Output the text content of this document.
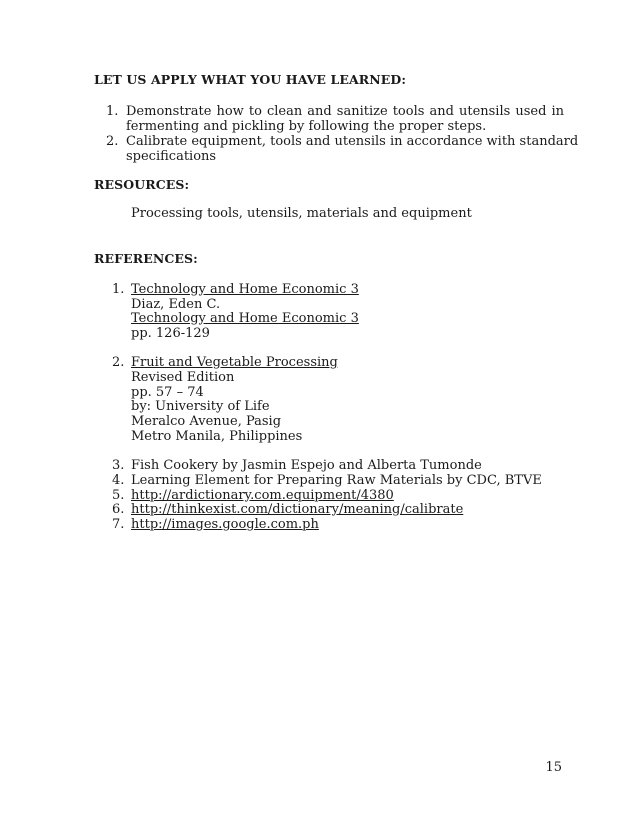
LET US APPLY WHAT YOU HAVE LEARNED:
1. Demonstrate how to clean and sanitize tools and utensils used in
fermenting and pickling by following the proper steps.
2. Calibrate equipment, tools and utensils in accordance with standard
specifications
RESOURCES:
Processing tools, utensils, materials and equipment
REFERENCES:
1. Technology and Home Economic 3
Diaz, Eden C.
Technology and Home Economic 3
pp. 126-129
2. Fruit and Vegetable Processing
Revised Edition
pp. 57 – 74
by: University of Life
Meralco Avenue, Pasig
Metro Manila, Philippines
3. Fish Cookery by Jasmin Espejo and Alberta Tumonde
4. Learning Element for Preparing Raw Materials by CDC, BTVE
5. http://ardictionary.com.equipment/4380
6. http://thinkexist.com/dictionary/meaning/calibrate
7. http://images.google.com.ph
15
